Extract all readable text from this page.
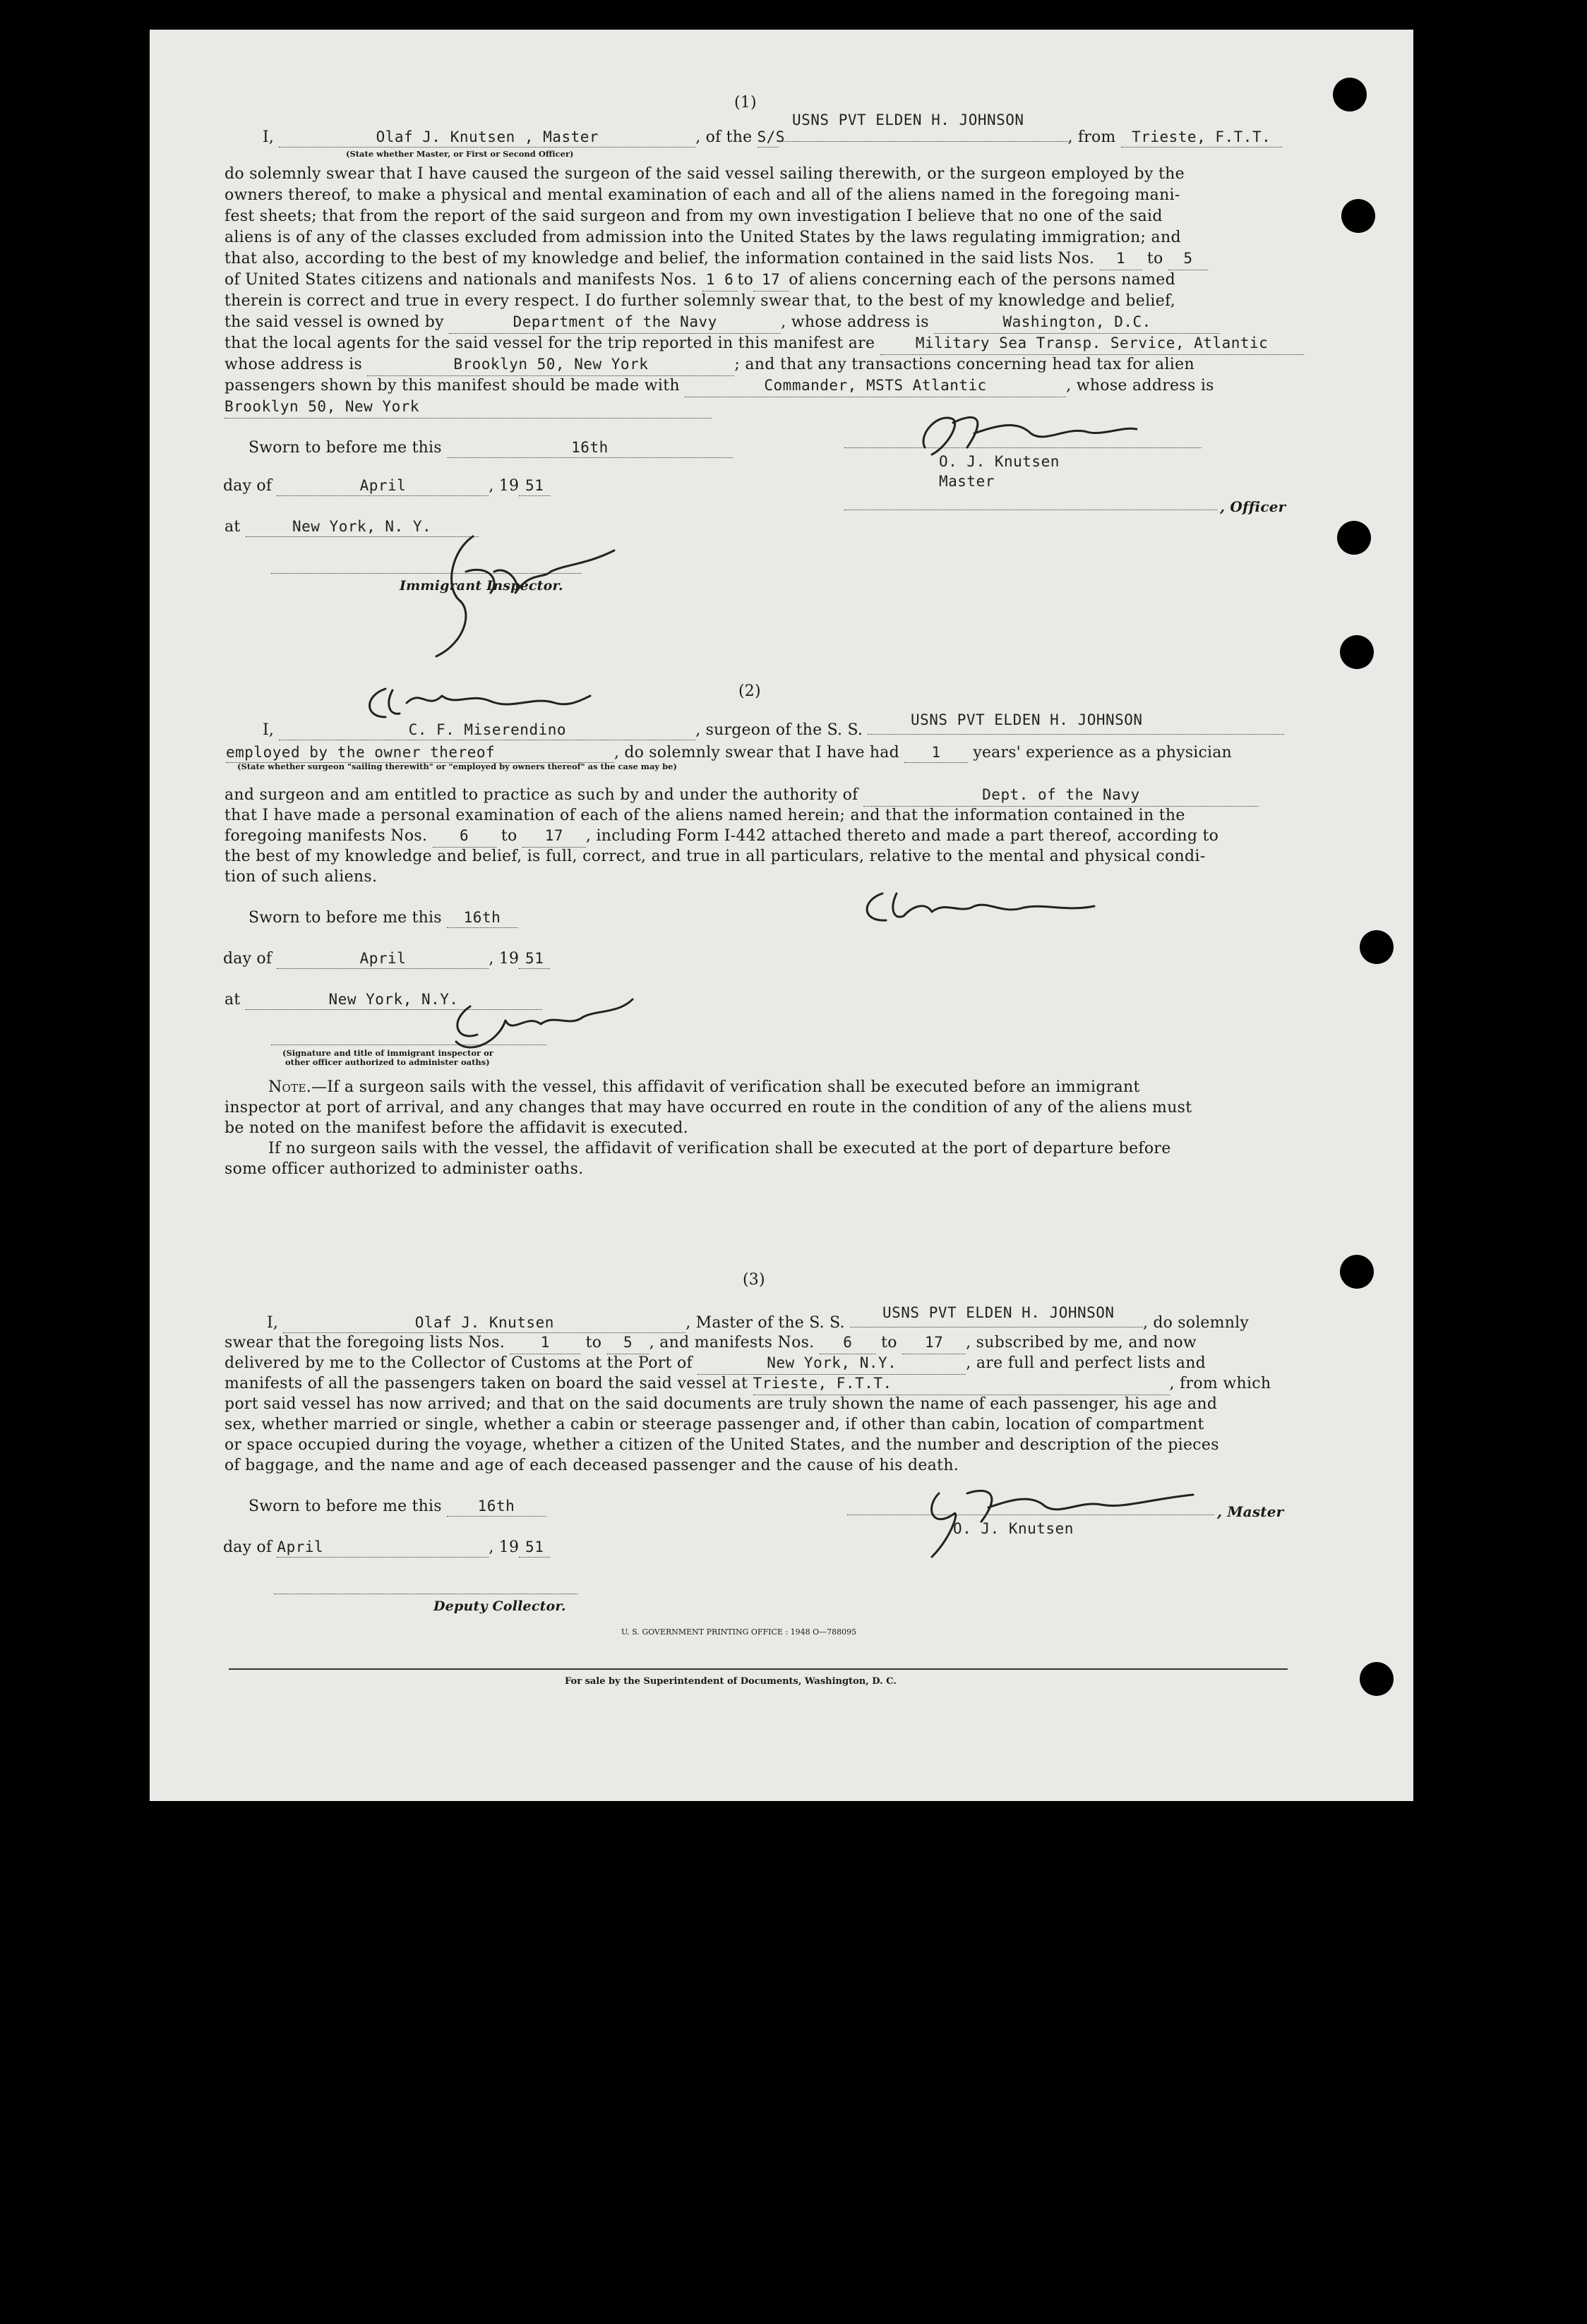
(1)
I,	Olaf J. Knutsen , Master	, of the S/S	, from Trieste, F.T.T.
USNS PVT ELDEN H. JOHNSON
(State whether Master, or First or Second Officer)
do solemnly swear that I have caused the surgeon of the said vessel sailing therewith, or the surgeon employed by the
owners thereof, to make a physical and mental examination of each and all of the aliens named in the foregoing mani-
fest sheets; that from the report of the said surgeon and from my own investigation I believe that no one of the said
aliens is of any of the classes excluded from admission into the United States by the laws regulating immigration; and
that also, according to the best of my knowledge and belief, the information contained in the said lists Nos. 1 to 5
of United States citizens and nationals and manifests Nos. 1 6 to 17 of aliens concerning each of the persons named
therein is correct and true in every respect. I do further solemnly swear that, to the best of my knowledge and belief,
the said vessel is owned by	Department of the Navy	, whose address is	Washington, D.C.
that the local agents for the said vessel for the trip reported in this manifest are	Military Sea Transp. Service, Atlantic
whose address is	Brooklyn 50, New York	; and that any transactions concerning head tax for alien
passengers shown by this manifest should be made with	Commander, MSTS Atlantic	, whose address is
Brooklyn 50, New York
Sworn to before me this	16th
day of	April	, 19 51
at	New York, N. Y.
Immigrant Inspector.
O. J. Knutsen
Master
, Officer
(2)
I,	C. F. Miserendino	, surgeon of the S. S.
USNS PVT ELDEN H. JOHNSON
employed by the owner thereof	, do solemnly swear that I have had 1 years' experience as a physician
(State whether surgeon "sailing therewith" or "employed by owners thereof" as the case may be)
and surgeon and am entitled to practice as such by and under the authority of	Dept. of the Navy
that I have made a personal examination of each of the aliens named herein; and that the information contained in the
foregoing manifests Nos. 6 to 17 , including Form I-442 attached thereto and made a part thereof, according to
the best of my knowledge and belief, is full, correct, and true in all particulars, relative to the mental and physical condi-
tion of such aliens.
Sworn to before me this 16th
day of	April	, 19 51
at	New York, N.Y.
(Signature and title of immigrant inspector or
other officer authorized to administer oaths)
Note.—If a surgeon sails with the vessel, this affidavit of verification shall be executed before an immigrant
inspector at port of arrival, and any changes that may have occurred en route in the condition of any of the aliens must
be noted on the manifest before the affidavit is executed.
If no surgeon sails with the vessel, the affidavit of verification shall be executed at the port of departure before
some officer authorized to administer oaths.
(3)
I,	Olaf J. Knutsen	, Master of the S. S.	, do solemnly
USNS PVT ELDEN H. JOHNSON
swear that the foregoing lists Nos. 1 to 5 , and manifests Nos. 6 to 17 , subscribed by me, and now
delivered by me to the Collector of Customs at the Port of	New York, N.Y.	, are full and perfect lists and
manifests of all the passengers taken on board the said vessel at Trieste, F.T.T.	, from which
port said vessel has now arrived; and that on the said documents are truly shown the name of each passenger, his age and
sex, whether married or single, whether a cabin or steerage passenger and, if other than cabin, location of compartment
or space occupied during the voyage, whether a citizen of the United States, and the number and description of the pieces
of baggage, and the name and age of each deceased passenger and the cause of his death.
Sworn to before me this 16th
day of April	, 19 51
, Master
O. J. Knutsen
Deputy Collector.
U. S. GOVERNMENT PRINTING OFFICE : 1948 O—788095
For sale by the Superintendent of Documents, Washington, D. C.
